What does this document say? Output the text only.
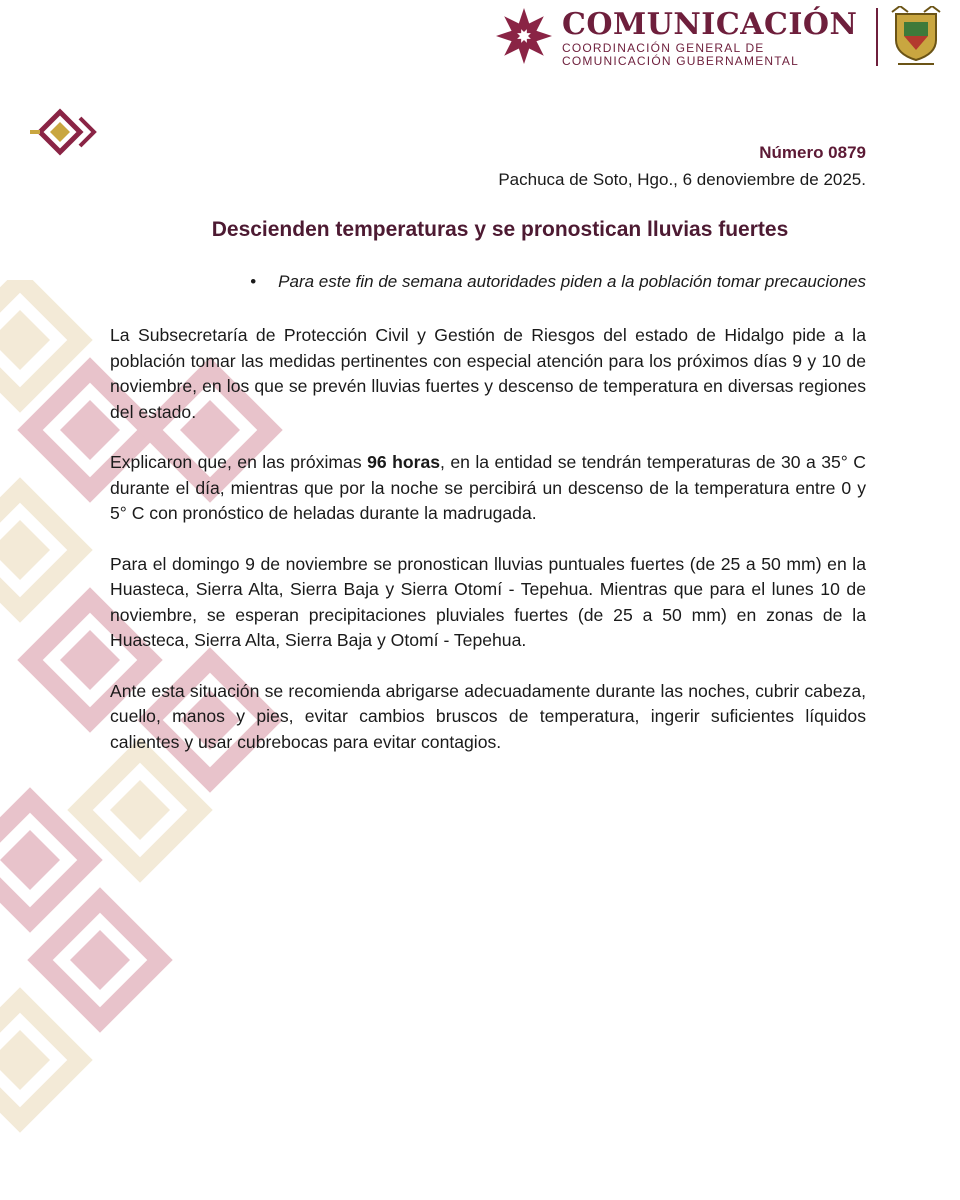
COMUNICACIÓN
COORDINACIÓN GENERAL DE
COMUNICACIÓN GUBERNAMENTAL
Número 0879
Pachuca de Soto, Hgo., 6 denoviembre de 2025.
Descienden temperaturas y se pronostican lluvias fuertes
• Para este fin de semana autoridades piden a la población tomar precauciones

La Subsecretaría de Protección Civil y Gestión de Riesgos del estado de Hidalgo pide a la población tomar las medidas pertinentes con especial atención para los próximos días 9 y 10 de noviembre, en los que se prevén lluvias fuertes y descenso de temperatura en diversas regiones del estado.

Explicaron que, en las próximas 96 horas, en la entidad se tendrán temperaturas de 30 a 35° C durante el día, mientras que por la noche se percibirá un descenso de la temperatura entre 0 y 5° C con pronóstico de heladas durante la madrugada.

Para el domingo 9 de noviembre se pronostican lluvias puntuales fuertes (de 25 a 50 mm) en la Huasteca, Sierra Alta, Sierra Baja y Sierra Otomí - Tepehua. Mientras que para el lunes 10 de noviembre, se esperan precipitaciones pluviales fuertes (de 25 a 50 mm) en zonas de la Huasteca, Sierra Alta, Sierra Baja y Otomí - Tepehua.

Ante esta situación se recomienda abrigarse adecuadamente durante las noches, cubrir cabeza, cuello, manos y pies, evitar cambios bruscos de temperatura, ingerir suficientes líquidos calientes y usar cubrebocas para evitar contagios.
